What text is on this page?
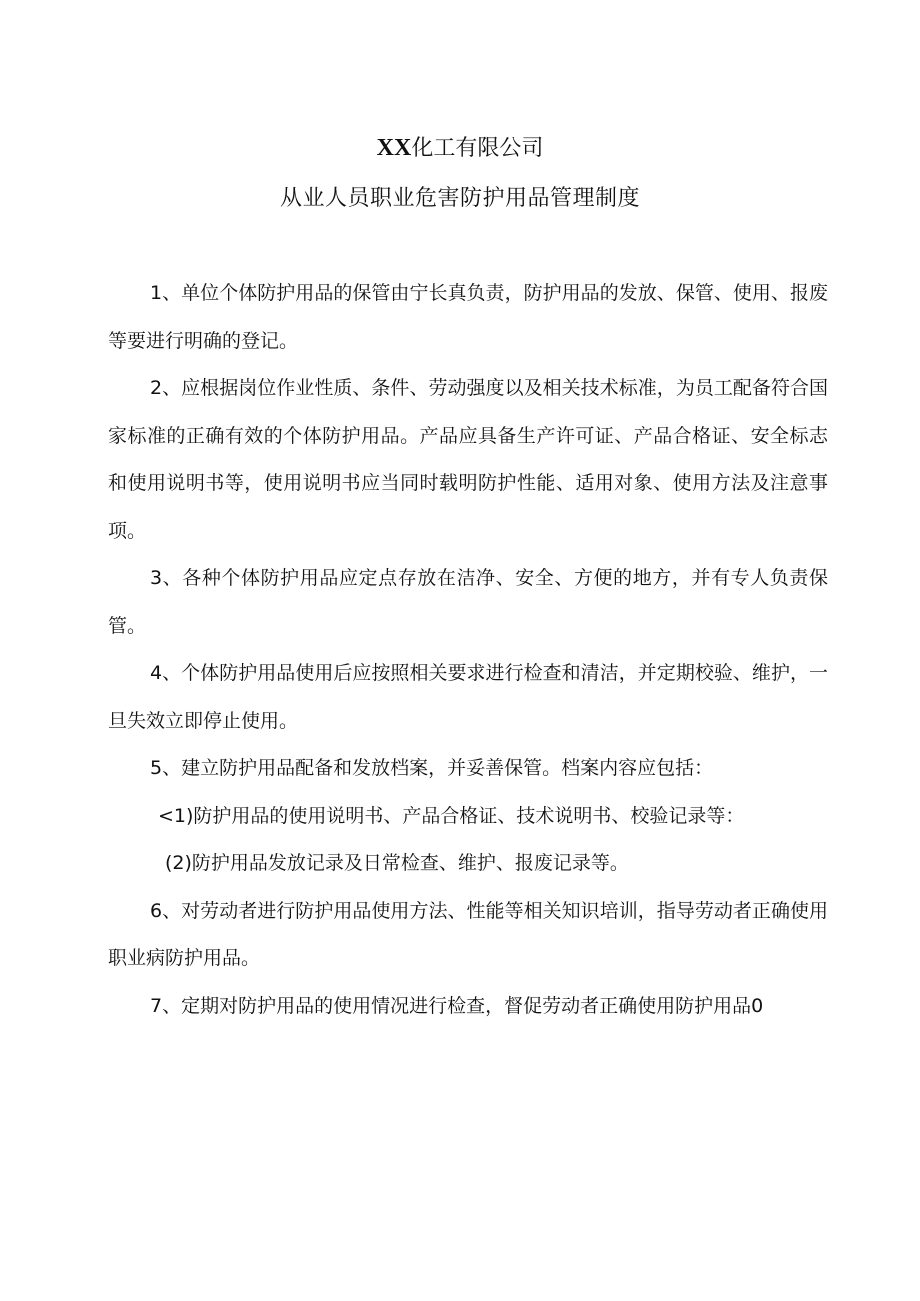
XX化工有限公司
从业人员职业危害防护用品管理制度

1、单位个体防护用品的保管由宁长真负责，防护用品的发放、保管、使用、报废等要进行明确的登记。

2、应根据岗位作业性质、条件、劳动强度以及相关技术标准，为员工配备符合国家标准的正确有效的个体防护用品。产品应具备生产许可证、产品合格证、安全标志和使用说明书等，使用说明书应当同时载明防护性能、适用对象、使用方法及注意事项。

3、各种个体防护用品应定点存放在洁净、安全、方便的地方，并有专人负责保管。

4、个体防护用品使用后应按照相关要求进行检查和清洁，并定期校验、维护，一旦失效立即停止使用。

5、建立防护用品配备和发放档案，并妥善保管。档案内容应包括：

<1)防护用品的使用说明书、产品合格证、技术说明书、校验记录等：

(2)防护用品发放记录及日常检查、维护、报废记录等。

6、对劳动者进行防护用品使用方法、性能等相关知识培训，指导劳动者正确使用职业病防护用品。

7、定期对防护用品的使用情况进行检查，督促劳动者正确使用防护用品0
